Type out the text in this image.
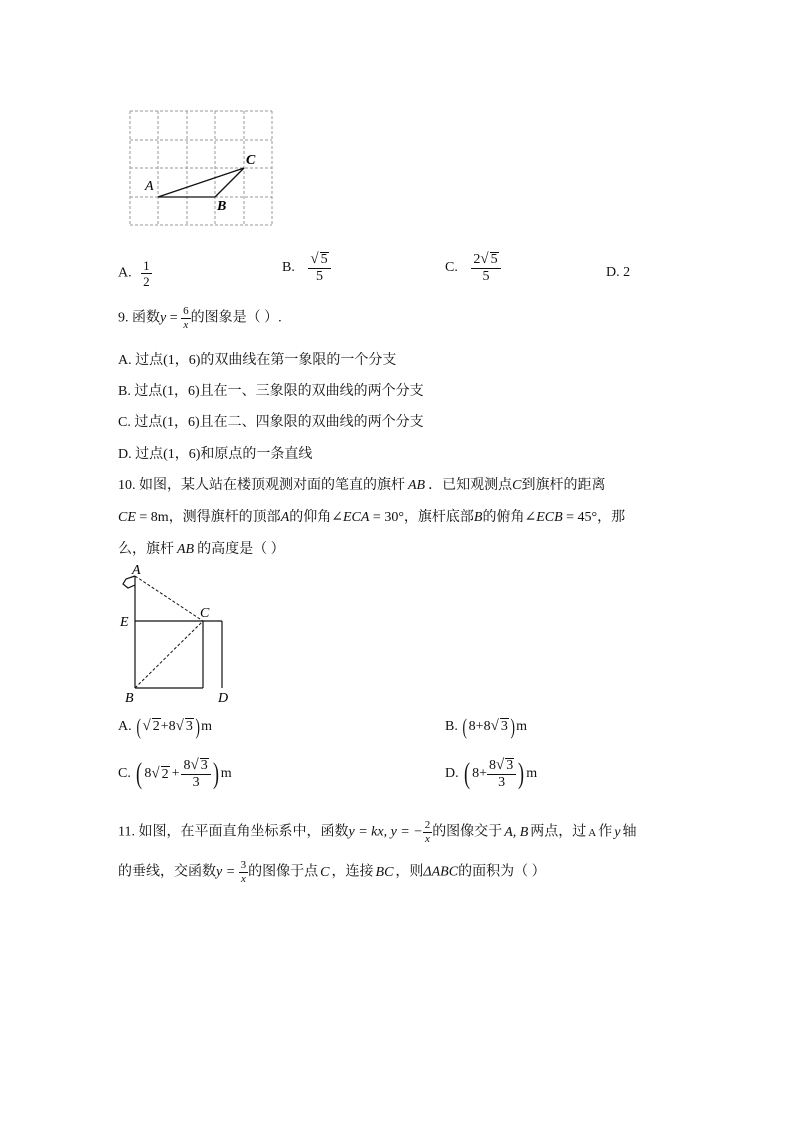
A
C
B
A. $\frac{1}{2}$	B. $\frac{√ 5}{5}$	C. $\frac{2√ 5}{5}$	D. 2
9. 函数$y = \frac{6}{x}$ 的图象是（ ）.
A. 过点(1，6)的双曲线在第一象限的一个分支
B. 过点(1，6)且在一、三象限的双曲线的两个分支
C. 过点(1，6)且在二、四象限的双曲线的两个分支
D. 过点(1，6)和原点的一条直线
10. 如图，某人站在楼顶观测对面的笔直的旗杆 AB ．已知观测点C到旗杆的距离
CE = 8m，测得旗杆的顶部A的仰角∠ECA = 30°，旗杆底部B的俯角∠ECB = 45°，那
么，旗杆 AB 的高度是（ ）
A
E
C
B	D
A. (√ 2+8√ 3 )m	B. (8+8√ 3 )m
C. ( 8√ $2 + \frac{8√ 3}{3}$ ) m	D. ( $8+ \frac{8√ 3}{3}$ ) m
11. 如图，在平面直角坐标系中，函数y = kx, y = − $\frac{2}{x}$ 的图像交于 A, B 两点，过 A 作 y 轴
的垂线，交函数$y = \frac{3}{x}$ 的图像于点 C ，连接 BC ，则ΔABC的面积为（ ）
